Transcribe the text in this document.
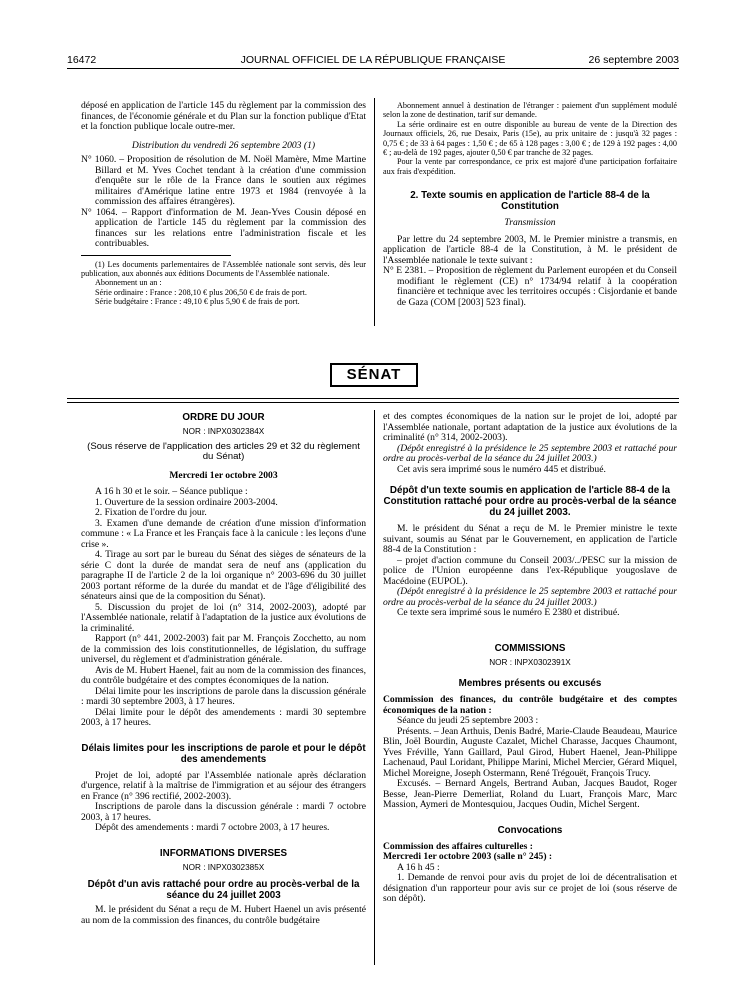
16472	JOURNAL OFFICIEL DE LA RÉPUBLIQUE FRANÇAISE	26 septembre 2003

déposé en application de l'article 145 du règlement par la commission des finances, de l'économie générale et du Plan sur la fonction publique d'Etat et la fonction publique locale outre-mer.

Distribution du vendredi 26 septembre 2003 (1)

N° 1060. – Proposition de résolution de M. Noël Mamère, Mme Martine Billard et M. Yves Cochet tendant à la création d'une commission d'enquête sur le rôle de la France dans le soutien aux régimes militaires d'Amérique latine entre 1973 et 1984 (renvoyée à la commission des affaires étrangères).

N° 1064. – Rapport d'information de M. Jean-Yves Cousin déposé en application de l'article 145 du règlement par la commission des finances sur les relations entre l'administration fiscale et les contribuables.

(1) Les documents parlementaires de l'Assemblée nationale sont servis, dès leur publication, aux abonnés aux éditions Documents de l'Assemblée nationale.

Abonnement un an :

Série ordinaire : France : 208,10 € plus 206,50 € de frais de port.

Série budgétaire : France : 49,10 € plus 5,90 € de frais de port.

Abonnement annuel à destination de l'étranger : paiement d'un supplément modulé selon la zone de destination, tarif sur demande.

La série ordinaire est en outre disponible au bureau de vente de la Direction des Journaux officiels, 26, rue Desaix, Paris (15e), au prix unitaire de : jusqu'à 32 pages : 0,75 € ; de 33 à 64 pages : 1,50 € ; de 65 à 128 pages : 3,00 € ; de 129 à 192 pages : 4,00 € ; au-delà de 192 pages, ajouter 0,50 € par tranche de 32 pages.

Pour la vente par correspondance, ce prix est majoré d'une participation forfaitaire aux frais d'expédition.

2. Texte soumis en application de l'article 88-4 de la Constitution

Transmission

Par lettre du 24 septembre 2003, M. le Premier ministre a transmis, en application de l'article 88-4 de la Constitution, à M. le président de l'Assemblée nationale le texte suivant :

N° E 2381. – Proposition de règlement du Parlement européen et du Conseil modifiant le règlement (CE) n° 1734/94 relatif à la coopération financière et technique avec les territoires occupés : Cisjordanie et bande de Gaza (COM [2003] 523 final).

SÉNAT

ORDRE DU JOUR

NOR : INPX0302384X

(Sous réserve de l'application des articles 29 et 32 du règlement du Sénat)

Mercredi 1er octobre 2003

A 16 h 30 et le soir. – Séance publique :

1. Ouverture de la session ordinaire 2003-2004.

2. Fixation de l'ordre du jour.

3. Examen d'une demande de création d'une mission d'information commune : « La France et les Français face à la canicule : les leçons d'une crise ».

4. Tirage au sort par le bureau du Sénat des sièges de sénateurs de la série C dont la durée de mandat sera de neuf ans (application du paragraphe II de l'article 2 de la loi organique n° 2003-696 du 30 juillet 2003 portant réforme de la durée du mandat et de l'âge d'éligibilité des sénateurs ainsi que de la composition du Sénat).

5. Discussion du projet de loi (n° 314, 2002-2003), adopté par l'Assemblée nationale, relatif à l'adaptation de la justice aux évolutions de la criminalité.

Rapport (n° 441, 2002-2003) fait par M. François Zocchetto, au nom de la commission des lois constitutionnelles, de législation, du suffrage universel, du règlement et d'administration générale.

Avis de M. Hubert Haenel, fait au nom de la commission des finances, du contrôle budgétaire et des comptes économiques de la nation.

Délai limite pour les inscriptions de parole dans la discussion générale : mardi 30 septembre 2003, à 17 heures.

Délai limite pour le dépôt des amendements : mardi 30 septembre 2003, à 17 heures.

Délais limites pour les inscriptions de parole et pour le dépôt des amendements

Projet de loi, adopté par l'Assemblée nationale après déclaration d'urgence, relatif à la maîtrise de l'immigration et au séjour des étrangers en France (n° 396 rectifié, 2002-2003).

Inscriptions de parole dans la discussion générale : mardi 7 octobre 2003, à 17 heures.

Dépôt des amendements : mardi 7 octobre 2003, à 17 heures.

INFORMATIONS DIVERSES

NOR : INPX0302385X

Dépôt d'un avis rattaché pour ordre au procès-verbal de la séance du 24 juillet 2003

M. le président du Sénat a reçu de M. Hubert Haenel un avis présenté au nom de la commission des finances, du contrôle budgétaire

et des comptes économiques de la nation sur le projet de loi, adopté par l'Assemblée nationale, portant adaptation de la justice aux évolutions de la criminalité (n° 314, 2002-2003).

(Dépôt enregistré à la présidence le 25 septembre 2003 et rattaché pour ordre au procès-verbal de la séance du 24 juillet 2003.)

Cet avis sera imprimé sous le numéro 445 et distribué.

Dépôt d'un texte soumis en application de l'article 88-4 de la Constitution rattaché pour ordre au procès-verbal de la séance du 24 juillet 2003.

M. le président du Sénat a reçu de M. le Premier ministre le texte suivant, soumis au Sénat par le Gouvernement, en application de l'article 88-4 de la Constitution :

– projet d'action commune du Conseil 2003/../PESC sur la mission de police de l'Union européenne dans l'ex-République yougoslave de Macédoine (EUPOL).

(Dépôt enregistré à la présidence le 25 septembre 2003 et rattaché pour ordre au procès-verbal de la séance du 24 juillet 2003.)

Ce texte sera imprimé sous le numéro E 2380 et distribué.

COMMISSIONS

NOR : INPX0302391X

Membres présents ou excusés

Commission des finances, du contrôle budgétaire et des comptes économiques de la nation :

Séance du jeudi 25 septembre 2003 :

Présents. – Jean Arthuis, Denis Badré, Marie-Claude Beaudeau, Maurice Blin, Joël Bourdin, Auguste Cazalet, Michel Charasse, Jacques Chaumont, Yves Fréville, Yann Gaillard, Paul Girod, Hubert Haenel, Jean-Philippe Lachenaud, Paul Loridant, Philippe Marini, Michel Mercier, Gérard Miquel, Michel Moreigne, Joseph Ostermann, René Trégouët, François Trucy.

Excusés. – Bernard Angels, Bertrand Auban, Jacques Baudot, Roger Besse, Jean-Pierre Demerliat, Roland du Luart, François Marc, Marc Massion, Aymeri de Montesquiou, Jacques Oudin, Michel Sergent.

Convocations

Commission des affaires culturelles :

Mercredi 1er octobre 2003 (salle n° 245) :

A 16 h 45 :

1. Demande de renvoi pour avis du projet de loi de décentralisation et désignation d'un rapporteur pour avis sur ce projet de loi (sous réserve de son dépôt).
